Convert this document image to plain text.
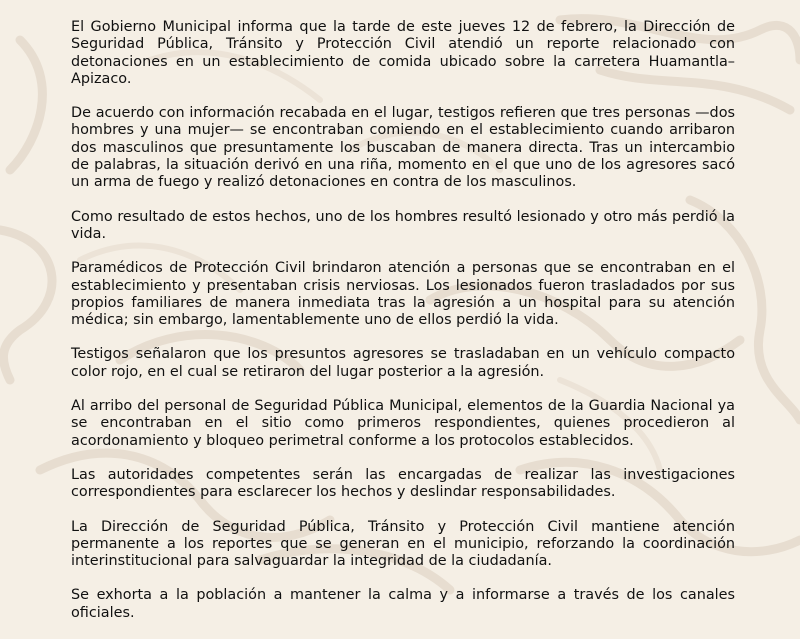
El Gobierno Municipal informa que la tarde de este jueves 12 de febrero, la Dirección de Seguridad Pública, Tránsito y Protección Civil atendió un reporte relacionado con detonaciones en un establecimiento de comida ubicado sobre la carretera Huamantla–Apizaco.

De acuerdo con información recabada en el lugar, testigos refieren que tres personas —dos hombres y una mujer— se encontraban comiendo en el establecimiento cuando arribaron dos masculinos que presuntamente los buscaban de manera directa. Tras un intercambio de palabras, la situación derivó en una riña, momento en el que uno de los agresores sacó un arma de fuego y realizó detonaciones en contra de los masculinos.

Como resultado de estos hechos, uno de los hombres resultó lesionado y otro más perdió la vida.

Paramédicos de Protección Civil brindaron atención a personas que se encontraban en el establecimiento y presentaban crisis nerviosas. Los lesionados fueron trasladados por sus propios familiares de manera inmediata tras la agresión a un hospital para su atención médica; sin embargo, lamentablemente uno de ellos perdió la vida.

Testigos señalaron que los presuntos agresores se trasladaban en un vehículo compacto color rojo, en el cual se retiraron del lugar posterior a la agresión.

Al arribo del personal de Seguridad Pública Municipal, elementos de la Guardia Nacional ya se encontraban en el sitio como primeros respondientes, quienes procedieron al acordonamiento y bloqueo perimetral conforme a los protocolos establecidos.

Las autoridades competentes serán las encargadas de realizar las investigaciones correspondientes para esclarecer los hechos y deslindar responsabilidades.

La Dirección de Seguridad Pública, Tránsito y Protección Civil mantiene atención permanente a los reportes que se generan en el municipio, reforzando la coordinación interinstitucional para salvaguardar la integridad de la ciudadanía.

Se exhorta a la población a mantener la calma y a informarse a través de los canales oficiales.
